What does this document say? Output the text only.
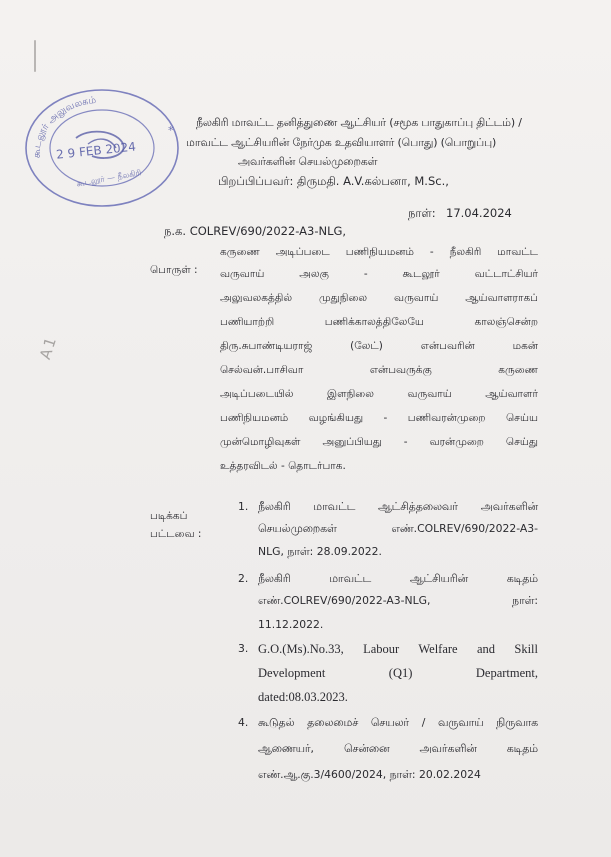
கூடலூர் அலுவலகம்
2 9 FEB 2024
கூடலூர் — நீலகிரி
*
A1
நீலகிரி மாவட்ட தனித்துணை ஆட்சியர் (சமூக பாதுகாப்பு திட்டம்) /
மாவட்ட ஆட்சியரின் நேர்முக உதவியாளர் (பொது) (பொறுப்பு)
அவர்களின் செயல்முறைகள்
பிறப்பிப்பவர்: திருமதி. A.V.கல்பனா, M.Sc.,
ந.க. COLREV/690/2022-A3-NLG,
நாள்: 17.04.2024
பொருள் :
கருணை அடிப்படை பணிநியமனம் - நீலகிரி மாவட்ட
வருவாய் அலகு - கூடலூர் வட்டாட்சியர்
அலுவலகத்தில் முதுநிலை வருவாய் ஆய்வாளராகப்
பணியாற்றி பணிக்காலத்திலேயே காலஞ்சென்ற
திரு.சுபாண்டியராஜ் (லேட்) என்பவரின் மகன்
செல்வன்.பாசிவா என்பவருக்கு கருணை
அடிப்படையில் இளநிலை வருவாய் ஆய்வாளர்
பணிநியமனம் வழங்கியது - பணிவரன்முறை செய்ய
முன்மொழிவுகள் அனுப்பியது - வரன்முறை செய்து
உத்தரவிடல் - தொடர்பாக.
படிக்கப்
பட்டவை :
1. நீலகிரி மாவட்ட ஆட்சித்தலைவர் அவர்களின்
செயல்முறைகள் எண்.COLREV/690/2022-A3-
NLG, நாள்: 28.09.2022.
2. நீலகிரி மாவட்ட ஆட்சியரின் கடிதம்
எண்.COLREV/690/2022-A3-NLG, நாள்:
11.12.2022.
3. G.O.(Ms).No.33, Labour Welfare and Skill
Development (Q1) Department,
dated:08.03.2023.
4. கூடுதல் தலைமைச் செயலர் / வருவாய் நிருவாக
ஆணையர், சென்னை அவர்களின் கடிதம்
எண்.ஆ.கு.3/4600/2024, நாள்: 20.02.2024
